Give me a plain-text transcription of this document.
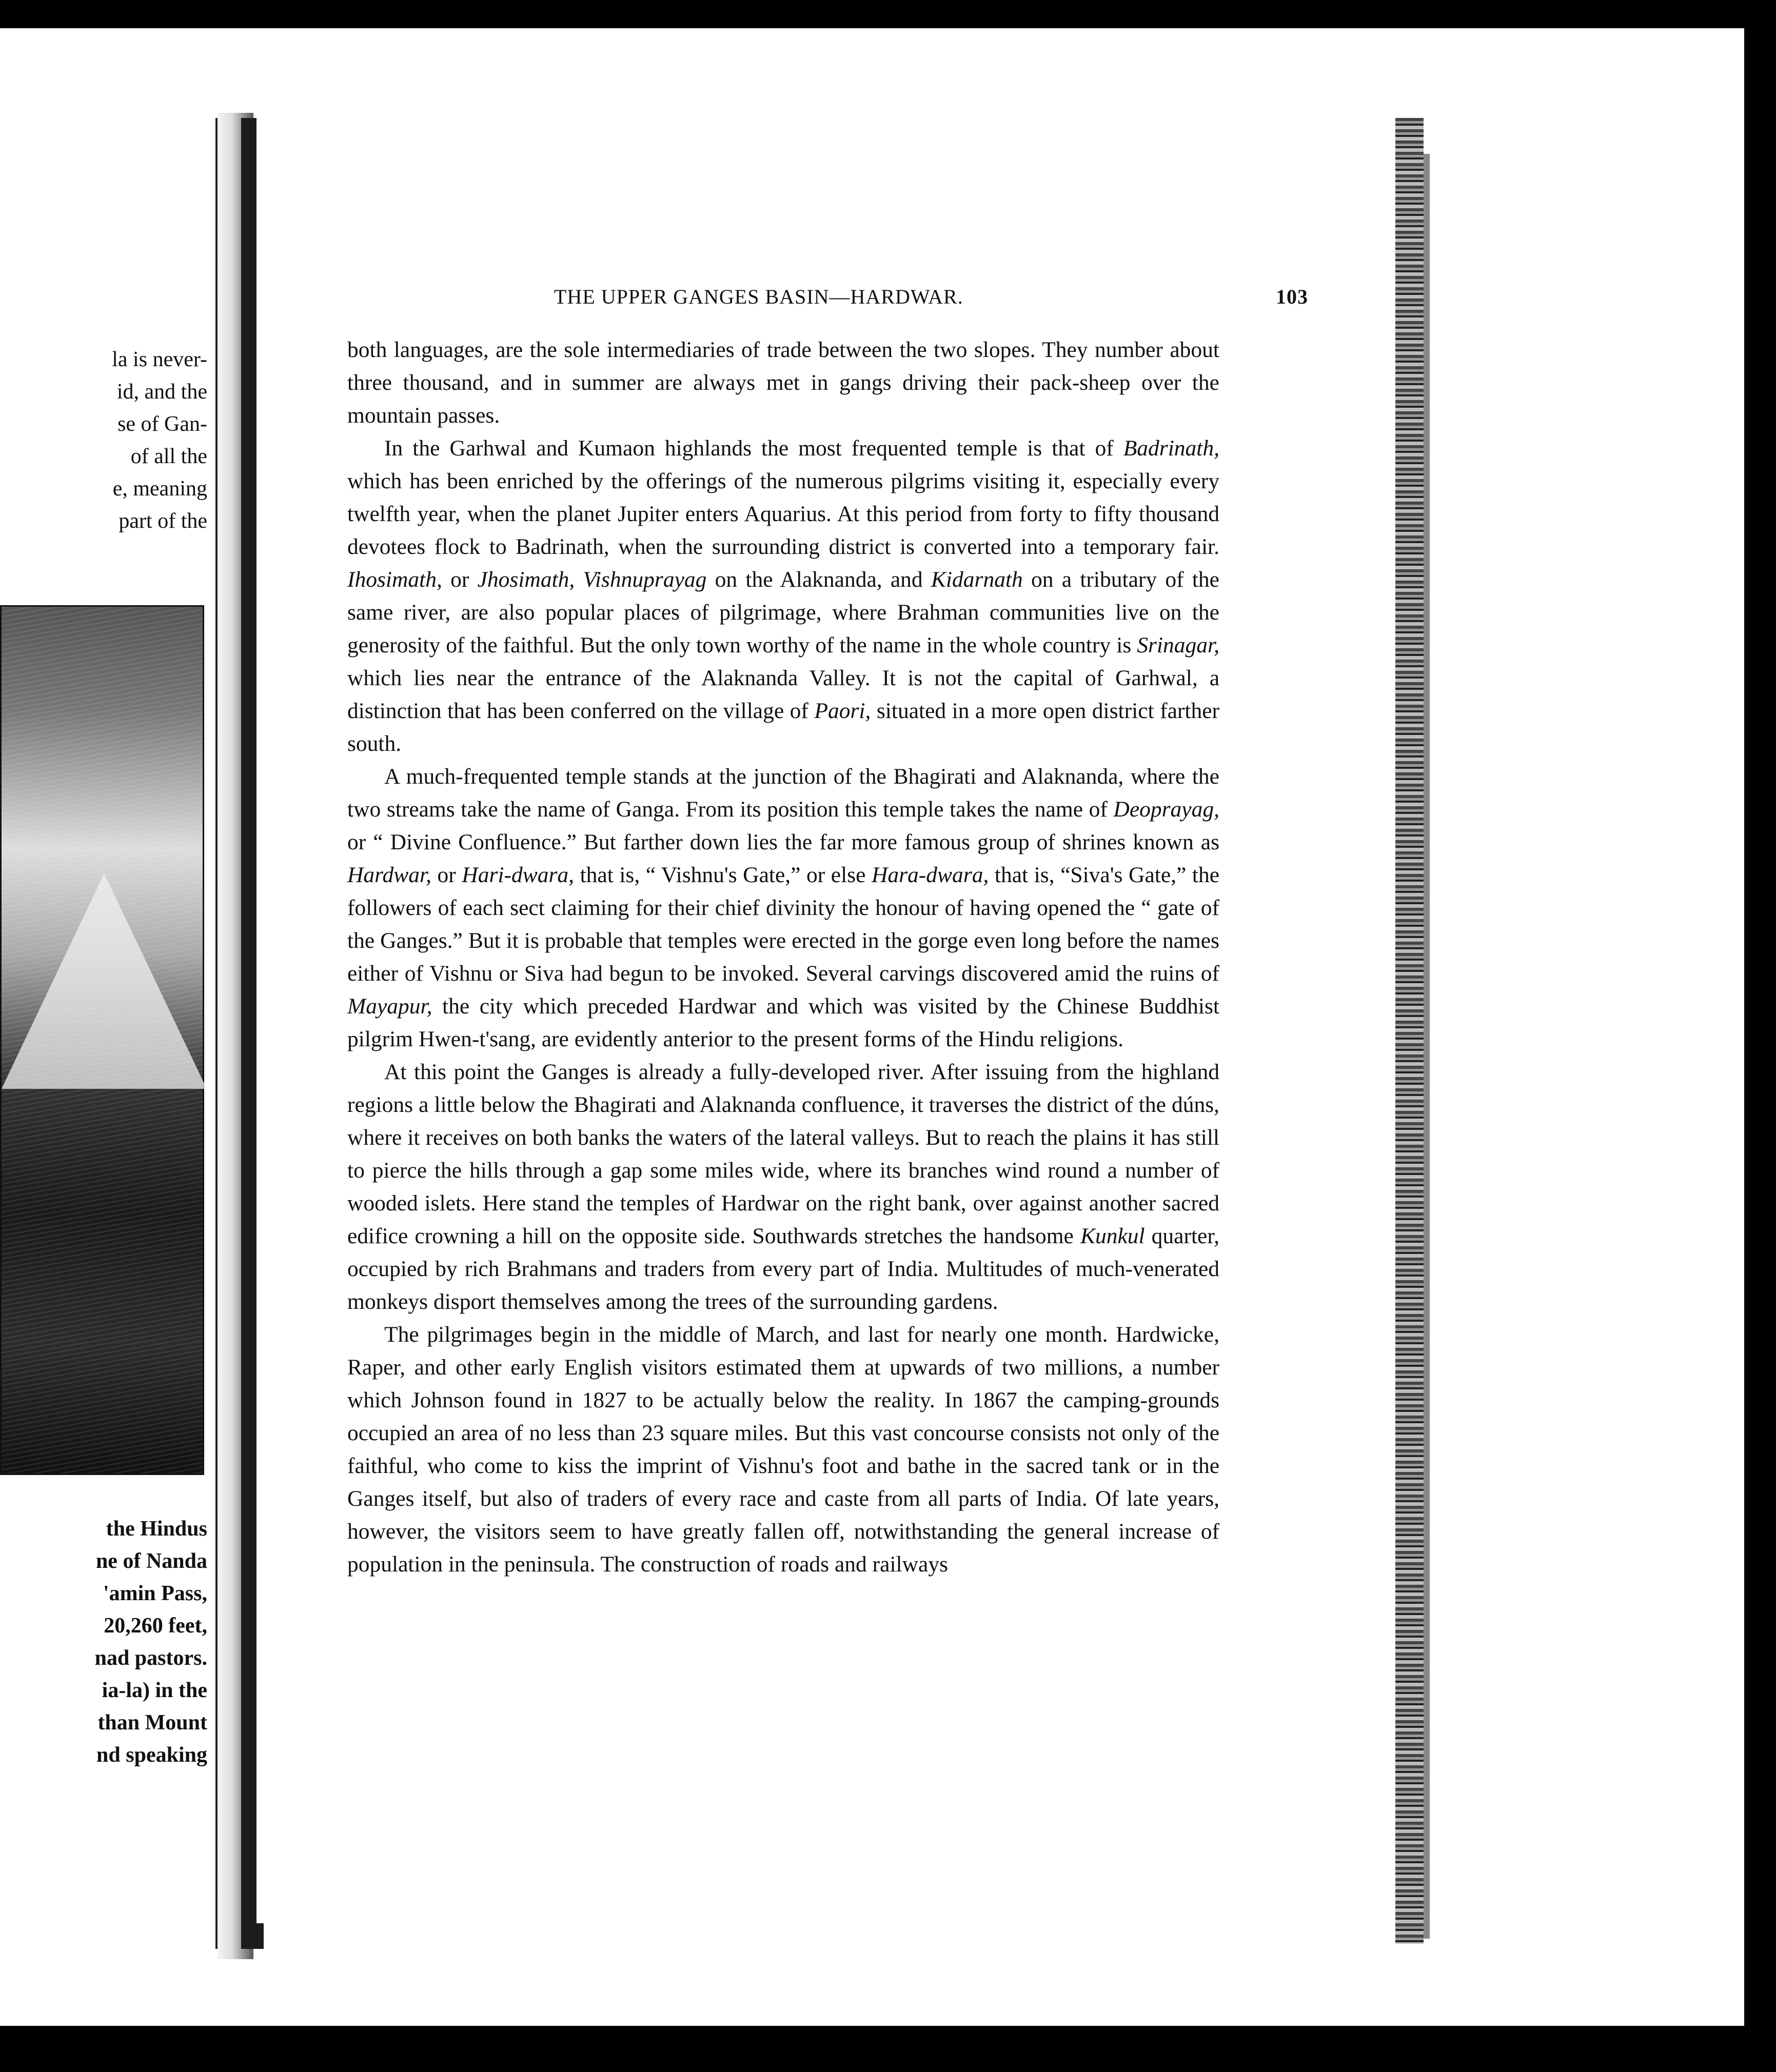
la is never-
id, and the
se of Gan-
of all the
e, meaning
part of the
the Hindus
ne of Nanda
'amin Pass,
20,260 feet,
nad pastors.
ia-la) in the
than Mount
nd speaking
THE UPPER GANGES BASIN—HARDWAR.	103

both languages, are the sole intermediaries of trade between the two slopes. They number about three thousand, and in summer are always met in gangs driving their pack-sheep over the mountain passes.

In the Garhwal and Kumaon highlands the most frequented temple is that of Badrinath, which has been enriched by the offerings of the numerous pilgrims visiting it, especially every twelfth year, when the planet Jupiter enters Aquarius. At this period from forty to fifty thousand devotees flock to Badrinath, when the surrounding district is converted into a temporary fair. Ihosimath, or Jhosimath, Vishnuprayag on the Alaknanda, and Kidarnath on a tributary of the same river, are also popular places of pilgrimage, where Brahman communities live on the generosity of the faithful. But the only town worthy of the name in the whole country is Srinagar, which lies near the entrance of the Alaknanda Valley. It is not the capital of Garhwal, a distinction that has been conferred on the village of Paori, situated in a more open district farther south.

A much-frequented temple stands at the junction of the Bhagirati and Alaknanda, where the two streams take the name of Ganga. From its position this temple takes the name of Deoprayag, or “ Divine Confluence.” But farther down lies the far more famous group of shrines known as Hardwar, or Hari-dwara, that is, “ Vishnu's Gate,” or else Hara-dwara, that is, “Siva's Gate,” the followers of each sect claiming for their chief divinity the honour of having opened the “ gate of the Ganges.” But it is probable that temples were erected in the gorge even long before the names either of Vishnu or Siva had begun to be invoked. Several carvings discovered amid the ruins of Mayapur, the city which preceded Hardwar and which was visited by the Chinese Buddhist pilgrim Hwen-t'sang, are evidently anterior to the present forms of the Hindu religions.

At this point the Ganges is already a fully-developed river. After issuing from the highland regions a little below the Bhagirati and Alaknanda confluence, it traverses the district of the dúns, where it receives on both banks the waters of the lateral valleys. But to reach the plains it has still to pierce the hills through a gap some miles wide, where its branches wind round a number of wooded islets. Here stand the temples of Hardwar on the right bank, over against another sacred edifice crowning a hill on the opposite side. Southwards stretches the handsome Kunkul quarter, occupied by rich Brahmans and traders from every part of India. Multitudes of much-venerated monkeys disport themselves among the trees of the surrounding gardens.

The pilgrimages begin in the middle of March, and last for nearly one month. Hardwicke, Raper, and other early English visitors estimated them at upwards of two millions, a number which Johnson found in 1827 to be actually below the reality. In 1867 the camping-grounds occupied an area of no less than 23 square miles. But this vast concourse consists not only of the faithful, who come to kiss the imprint of Vishnu's foot and bathe in the sacred tank or in the Ganges itself, but also of traders of every race and caste from all parts of India. Of late years, however, the visitors seem to have greatly fallen off, notwithstanding the general increase of population in the peninsula. The construction of roads and railways
